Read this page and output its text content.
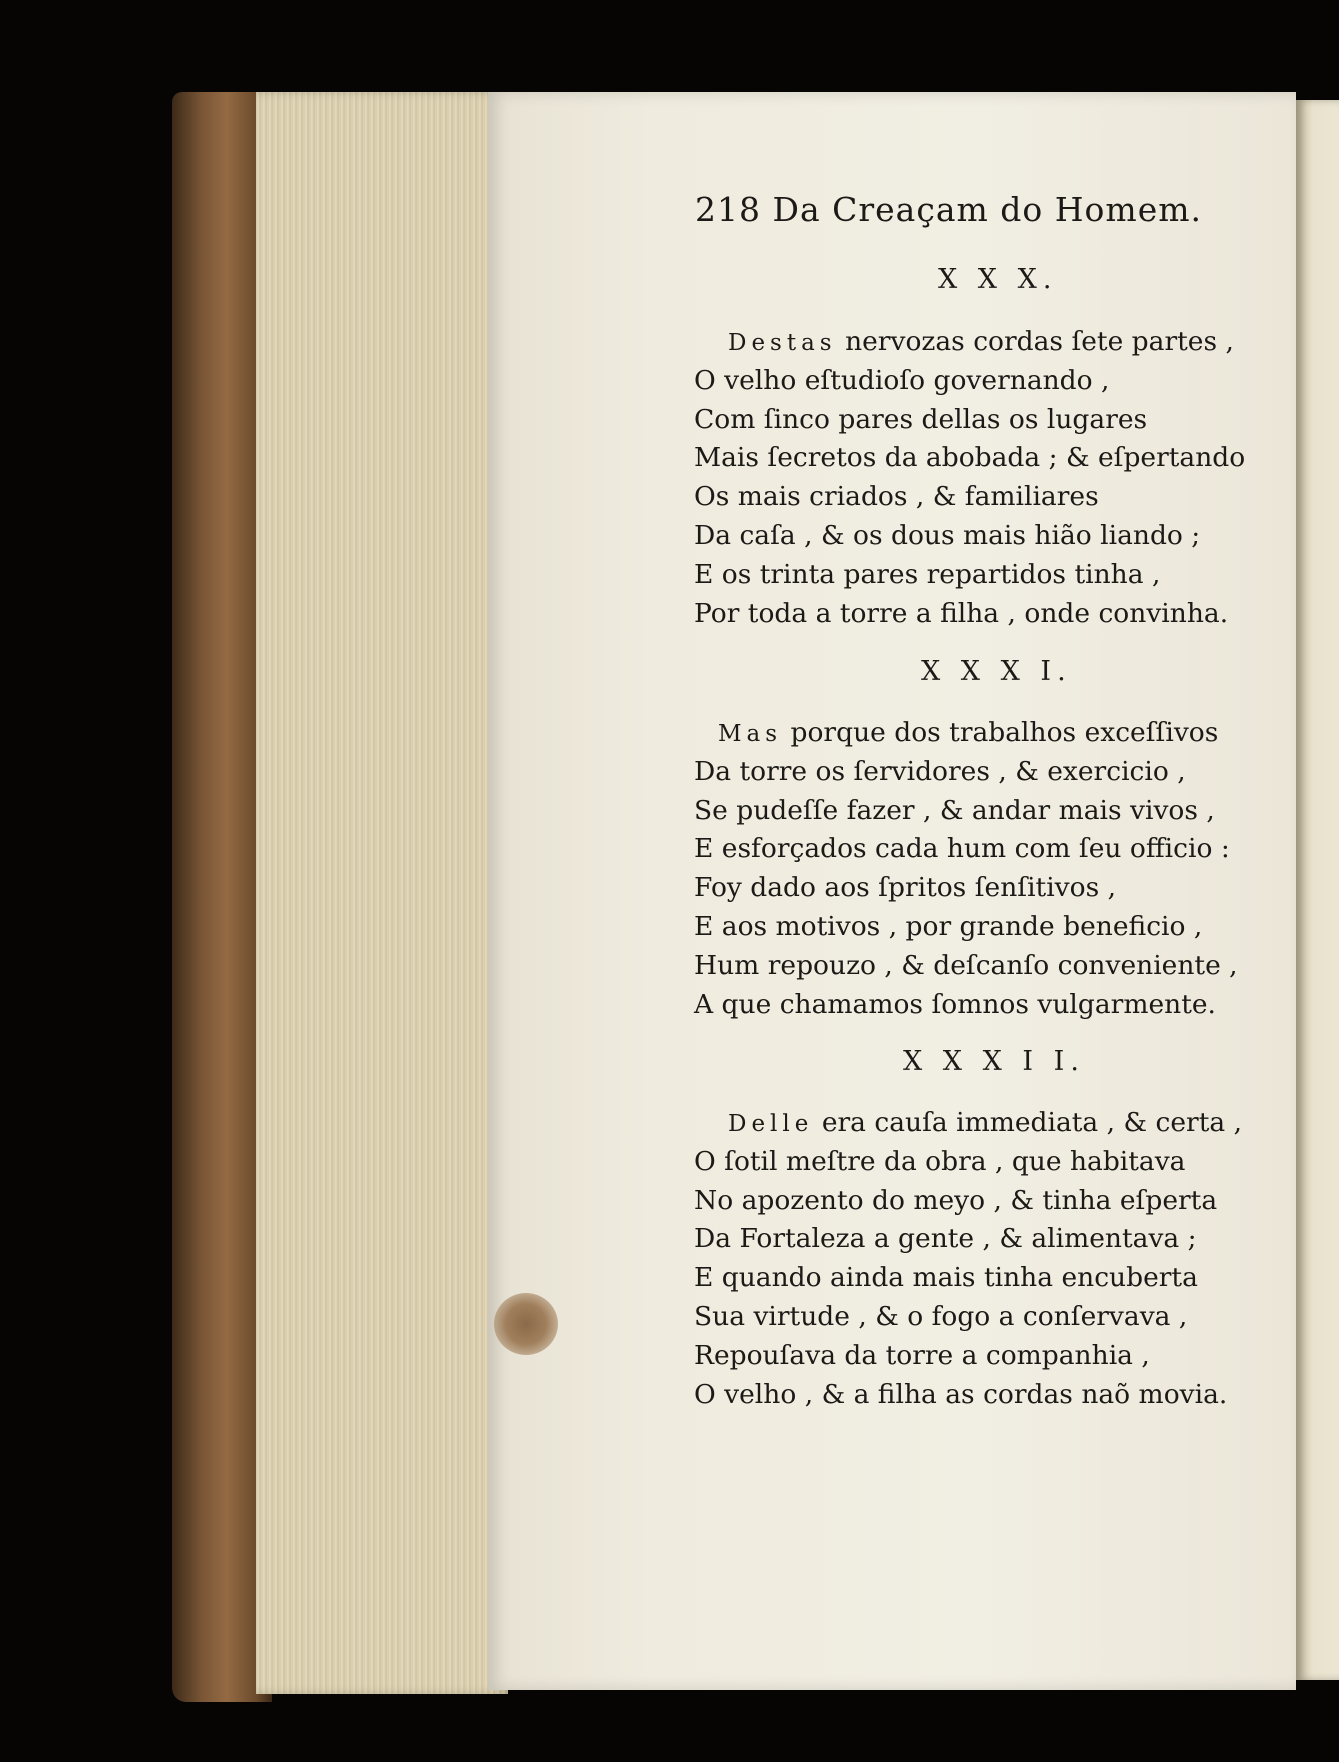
218 Da Creaçam do Homem.
X X X.
Destas nervozas cordas ſete partes ,
O velho eſtudioſo governando ,
Com ſinco pares dellas os lugares
Mais ſecretos da abobada ; & eſpertando
Os mais criados , & familiares
Da caſa , & os dous mais hião liando ;
E os trinta pares repartidos tinha ,
Por toda a torre a filha , onde convinha.
X X X I.
Mas porque dos trabalhos exceſſivos
Da torre os ſervidores , & exercicio ,
Se pudeſſe fazer , & andar mais vivos ,
E esforçados cada hum com ſeu officio :
Foy dado aos ſpritos ſenſitivos ,
E aos motivos , por grande beneficio ,
Hum repouzo , & deſcanſo conveniente ,
A que chamamos ſomnos vulgarmente.
X X X I I.
Delle era cauſa immediata , & certa ,
O ſotil meſtre da obra , que habitava
No apozento do meyo , & tinha eſperta
Da Fortaleza a gente , & alimentava ;
E quando ainda mais tinha encuberta
Sua virtude , & o fogo a conſervava ,
Repouſava da torre a companhia ,
O velho , & a filha as cordas naõ movia.
